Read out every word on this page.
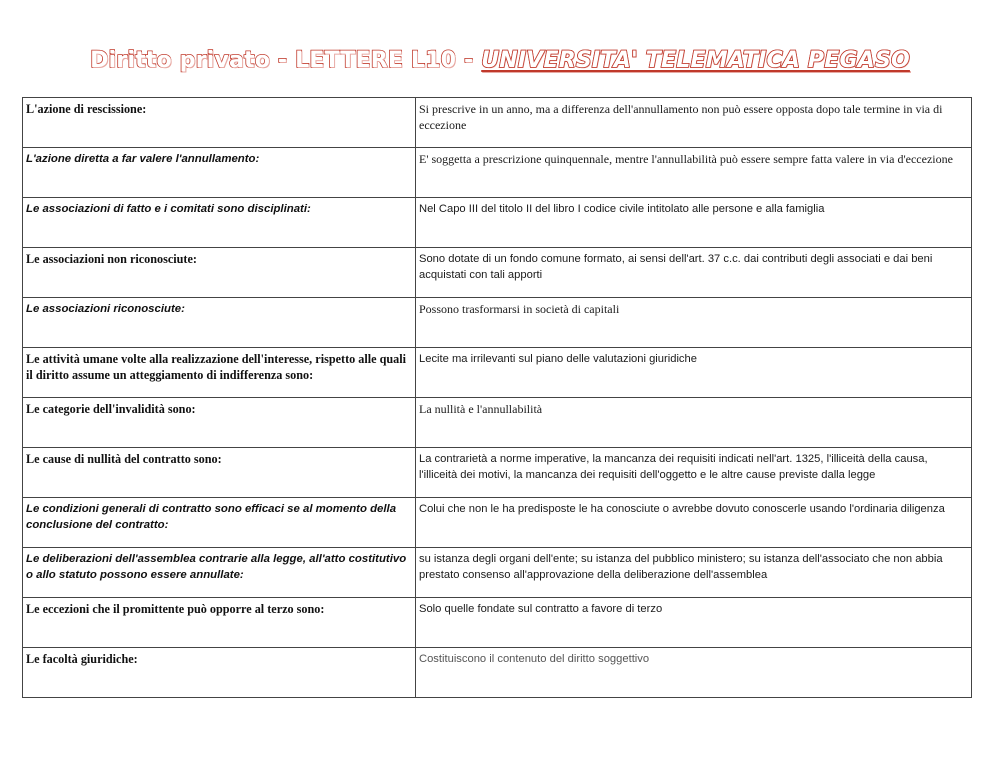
Diritto privato - LETTERE L10 - UNIVERSITA' TELEMATICA PEGASO
L'azione di rescissione:	Si prescrive in un anno, ma a differenza dell'annullamento non può essere opposta dopo tale termine in via di eccezione
L'azione diretta a far valere l'annullamento:	E' soggetta a prescrizione quinquennale, mentre l'annullabilità può essere sempre fatta valere in via d'eccezione
Le associazioni di fatto e i comitati sono disciplinati:	Nel Capo III del titolo II del libro I codice civile intitolato alle persone e alla famiglia
Le associazioni non riconosciute:	Sono dotate di un fondo comune formato, ai sensi dell'art. 37 c.c. dai contributi degli associati e dai beni acquistati con tali apporti
Le associazioni riconosciute:	Possono trasformarsi in società di capitali
Le attività umane volte alla realizzazione dell'interesse, rispetto alle quali il diritto assume un atteggiamento di indifferenza sono:	Lecite ma irrilevanti sul piano delle valutazioni giuridiche
Le categorie dell'invalidità sono:	La nullità e l'annullabilità
Le cause di nullità del contratto sono:	La contrarietà a norme imperative, la mancanza dei requisiti indicati nell'art. 1325, l'illiceità della causa, l'illiceità dei motivi, la mancanza dei requisiti dell'oggetto e le altre cause previste dalla legge
Le condizioni generali di contratto sono efficaci se al momento della conclusione del contratto:	Colui che non le ha predisposte le ha conosciute o avrebbe dovuto conoscerle usando l'ordinaria diligenza
Le deliberazioni dell'assemblea contrarie alla legge, all'atto costitutivo o allo statuto possono essere annullate:	su istanza degli organi dell'ente; su istanza del pubblico ministero; su istanza dell'associato che non abbia prestato consenso all'approvazione della deliberazione dell'assemblea
Le eccezioni che il promittente può opporre al terzo sono:	Solo quelle fondate sul contratto a favore di terzo
Le facoltà giuridiche:	Costituiscono il contenuto del diritto soggettivo
